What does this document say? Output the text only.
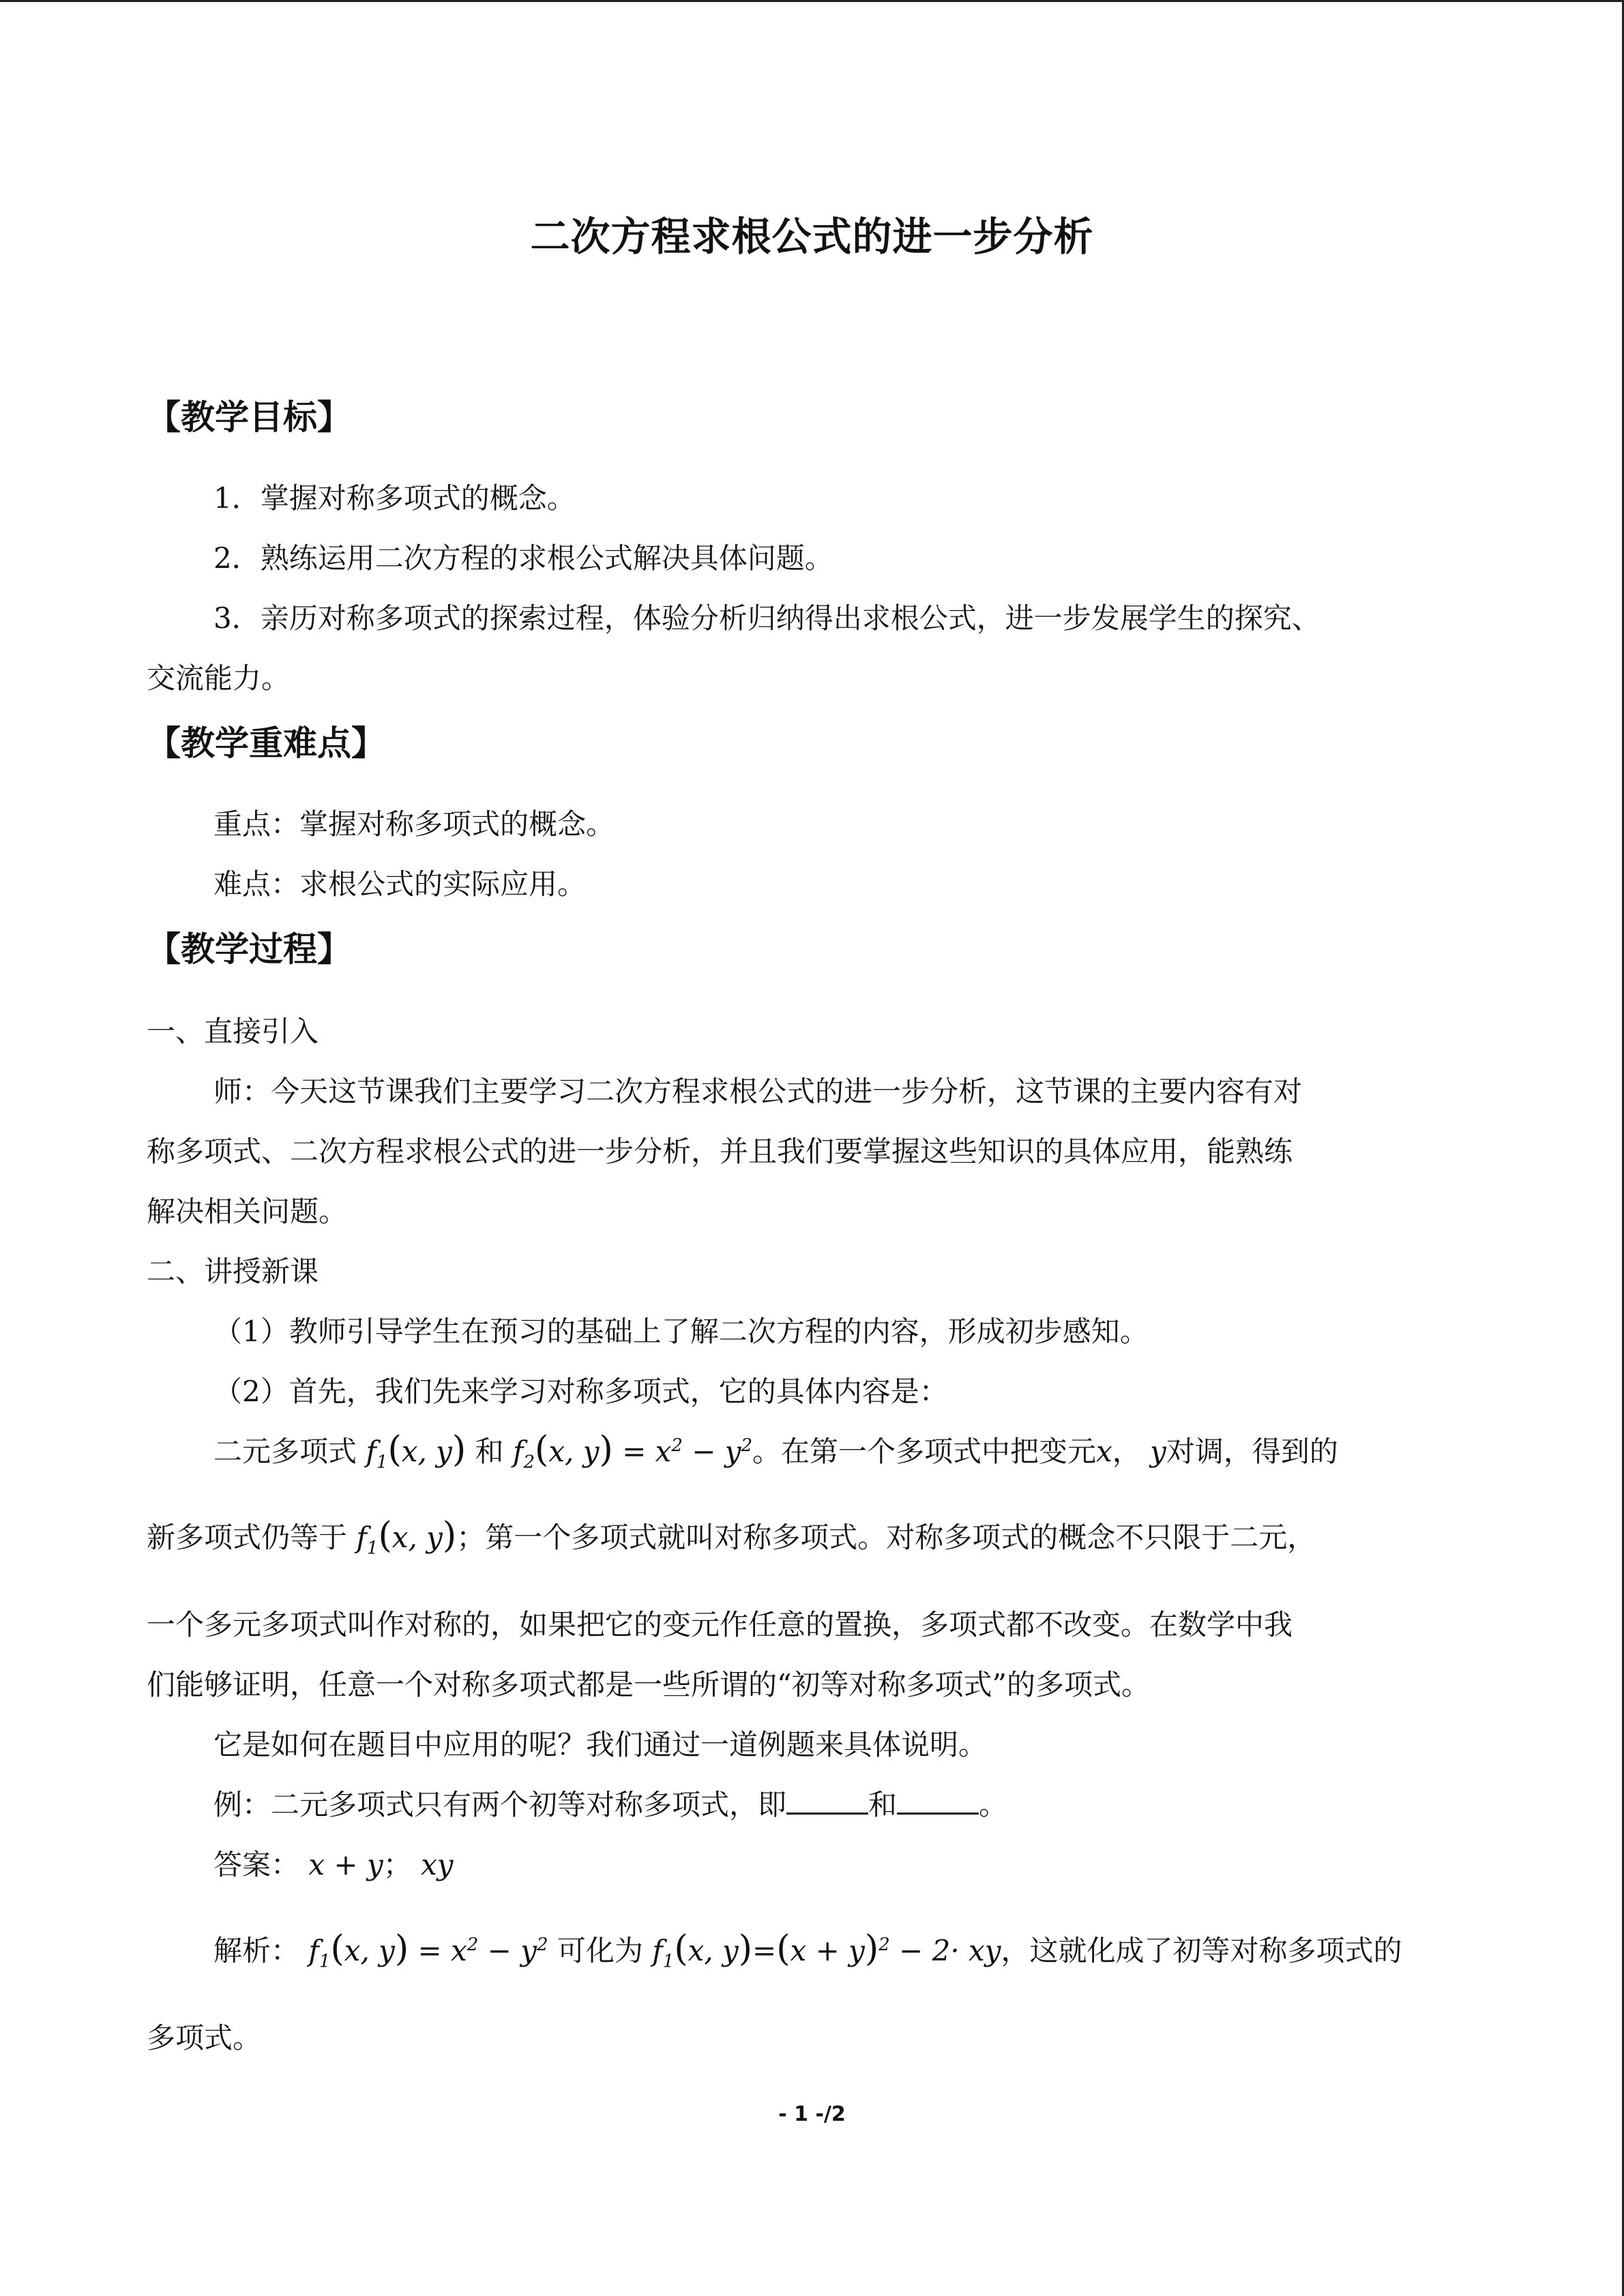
二次方程求根公式的进一步分析
【教学目标】
1．掌握对称多项式的概念。
2．熟练运用二次方程的求根公式解决具体问题。
3．亲历对称多项式的探索过程，体验分析归纳得出求根公式，进一步发展学生的探究、
交流能力。
【教学重难点】
重点：掌握对称多项式的概念。
难点：求根公式的实际应用。
【教学过程】
一、直接引入
师：今天这节课我们主要学习二次方程求根公式的进一步分析，这节课的主要内容有对
称多项式、二次方程求根公式的进一步分析，并且我们要掌握这些知识的具体应用，能熟练
解决相关问题。
二、讲授新课
（1）教师引导学生在预习的基础上了解二次方程的内容，形成初步感知。
（2）首先，我们先来学习对称多项式，它的具体内容是：
二元多项式 $f_1(x$, y) 和 $f_2(x$, $y) = x^2 - y^2$。在第一个多项式中把变元x， y对调，得到的
新多项式仍等于 $f_1(x$, y)；第一个多项式就叫对称多项式。对称多项式的概念不只限于二元，
一个多元多项式叫作对称的，如果把它的变元作任意的置换，多项式都不改变。在数学中我
们能够证明，任意一个对称多项式都是一些所谓的“初等对称多项式”的多项式。
它是如何在题目中应用的呢？我们通过一道例题来具体说明。
例：二元多项式只有两个初等对称多项式，即	和	。
答案： x + y； xy
解析： $f_1(x$, $y) = x^2 - y^2$ 可化为 $f_1(x$, $y)=(x + y)^2 - 2\cdot$ xy，这就化成了初等对称多项式的
多项式。
- 1 -/2
